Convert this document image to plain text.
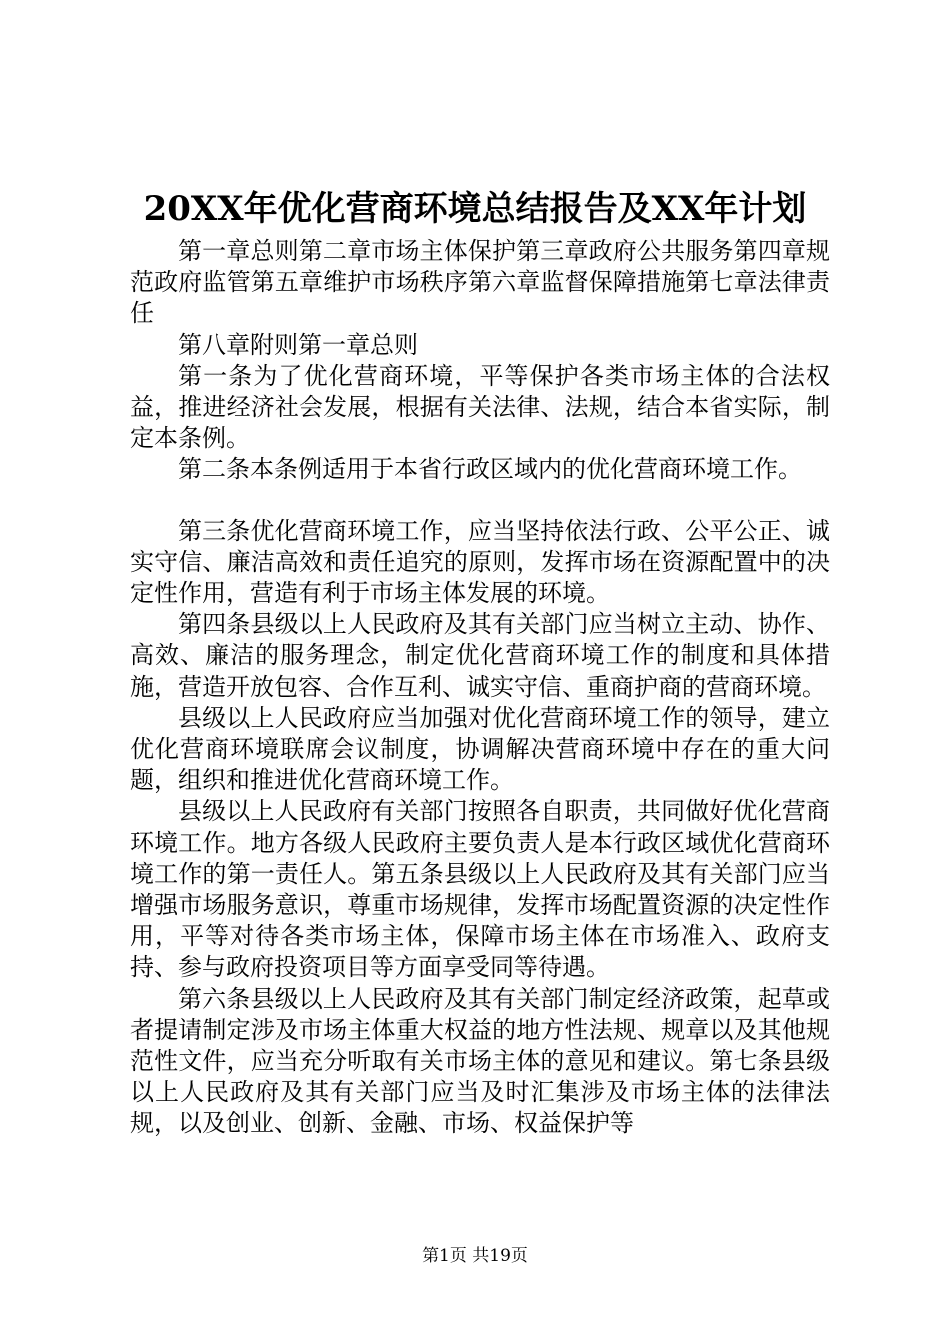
20XX年优化营商环境总结报告及XX年计划

第一章总则第二章市场主体保护第三章政府公共服务第四章规范政府监管第五章维护市场秩序第六章监督保障措施第七章法律责任

第八章附则第一章总则

第一条为了优化营商环境，平等保护各类市场主体的合法权益，推进经济社会发展，根据有关法律、法规，结合本省实际，制定本条例。

第二条本条例适用于本省行政区域内的优化营商环境工作。

第三条优化营商环境工作，应当坚持依法行政、公平公正、诚实守信、廉洁高效和责任追究的原则，发挥市场在资源配置中的决定性作用，营造有利于市场主体发展的环境。

第四条县级以上人民政府及其有关部门应当树立主动、协作、高效、廉洁的服务理念，制定优化营商环境工作的制度和具体措施，营造开放包容、合作互利、诚实守信、重商护商的营商环境。

县级以上人民政府应当加强对优化营商环境工作的领导，建立优化营商环境联席会议制度，协调解决营商环境中存在的重大问题，组织和推进优化营商环境工作。

县级以上人民政府有关部门按照各自职责，共同做好优化营商环境工作。地方各级人民政府主要负责人是本行政区域优化营商环境工作的第一责任人。第五条县级以上人民政府及其有关部门应当增强市场服务意识，尊重市场规律，发挥市场配置资源的决定性作用，平等对待各类市场主体，保障市场主体在市场准入、政府支持、参与政府投资项目等方面享受同等待遇。

第六条县级以上人民政府及其有关部门制定经济政策，起草或者提请制定涉及市场主体重大权益的地方性法规、规章以及其他规范性文件，应当充分听取有关市场主体的意见和建议。第七条县级以上人民政府及其有关部门应当及时汇集涉及市场主体的法律法规，以及创业、创新、金融、市场、权益保护等

第1页 共19页
